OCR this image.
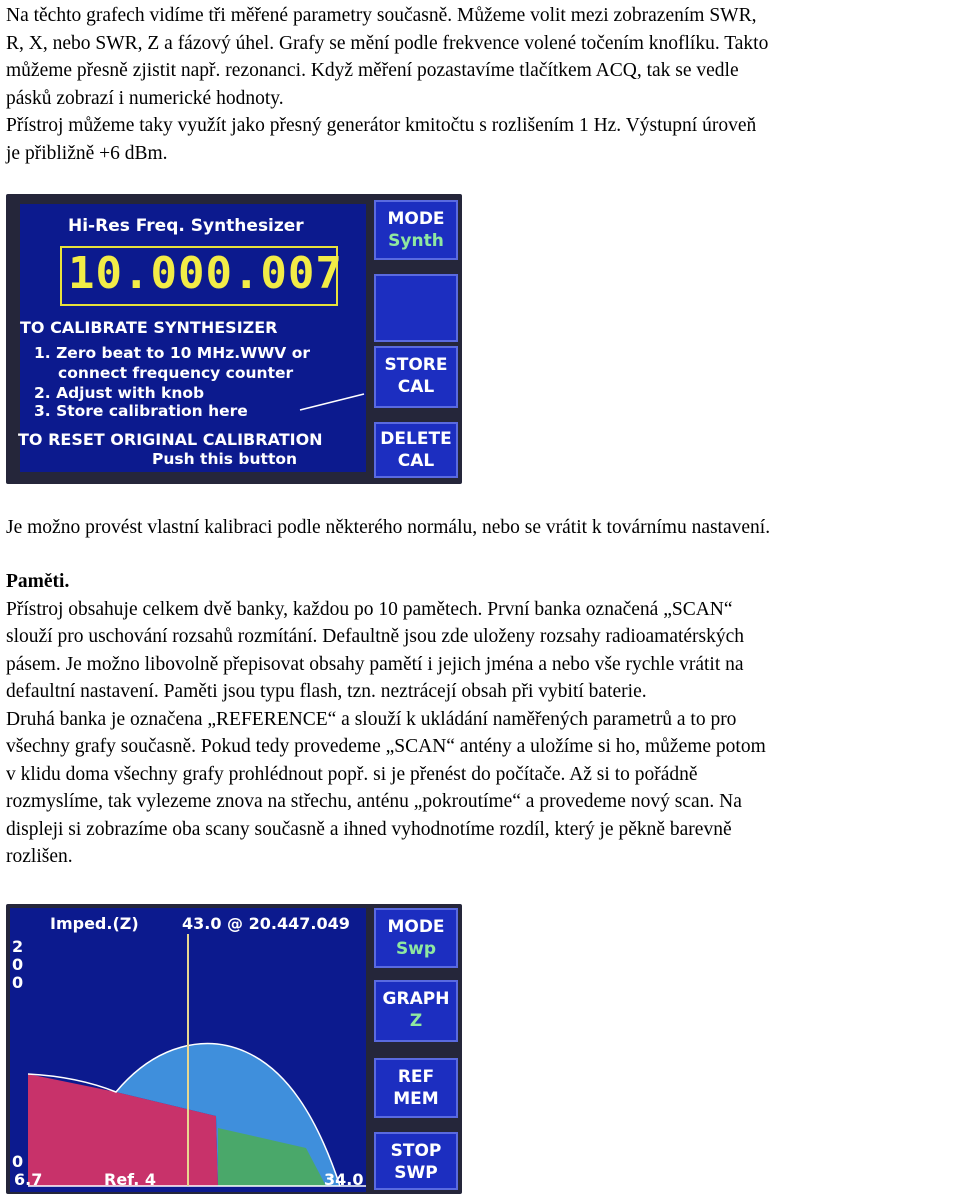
Na těchto grafech vidíme tři měřené parametry současně. Můžeme volit mezi zobrazením SWR,
R, X, nebo SWR, Z a fázový úhel. Grafy se mění podle frekvence volené točením knoflíku. Takto
můžeme přesně zjistit např. rezonanci. Když měření pozastavíme tlačítkem ACQ, tak se vedle
pásků zobrazí i numerické hodnoty.
Přístroj můžeme taky využít jako přesný generátor kmitočtu s rozlišením 1 Hz. Výstupní úroveň
je přibližně +6 dBm.
Hi-Res Freq. Synthesizer
10.000.007
TO CALIBRATE SYNTHESIZER
1. Zero beat to 10 MHz.WWV or
connect frequency counter
2. Adjust with knob
3. Store calibration here
TO RESET ORIGINAL CALIBRATION
Push this button
MODE
Synth
STORE
CAL
DELETE
CAL
Je možno provést vlastní kalibraci podle některého normálu, nebo se vrátit k továrnímu nastavení.
Paměti.
Přístroj obsahuje celkem dvě banky, každou po 10 pamětech. První banka označená „SCAN“
slouží pro uschování rozsahů rozmítání. Defaultně jsou zde uloženy rozsahy radioamatérských
pásem. Je možno libovolně přepisovat obsahy pamětí i jejich jména a nebo vše rychle vrátit na
defaultní nastavení. Paměti jsou typu flash, tzn. neztrácejí obsah při vybití baterie.
Druhá banka je označena „REFERENCE“ a slouží k ukládání naměřených parametrů a to pro
všechny grafy současně. Pokud tedy provedeme „SCAN“ antény a uložíme si ho, můžeme potom
v klidu doma všechny grafy prohlédnout popř. si je přenést do počítače. Až si to pořádně
rozmyslíme, tak vylezeme znova na střechu, anténu „pokroutíme“ a provedeme nový scan. Na
displeji si zobrazíme oba scany současně a ihned vyhodnotíme rozdíl, který je pěkně barevně
rozlišen.
Imped.(Z)	43.0 @ 20.447.049
2
0
0
0
6.7	Ref. 4	34.0
MODE
Swp
GRAPH
Z
REF
MEM
STOP
SWP
